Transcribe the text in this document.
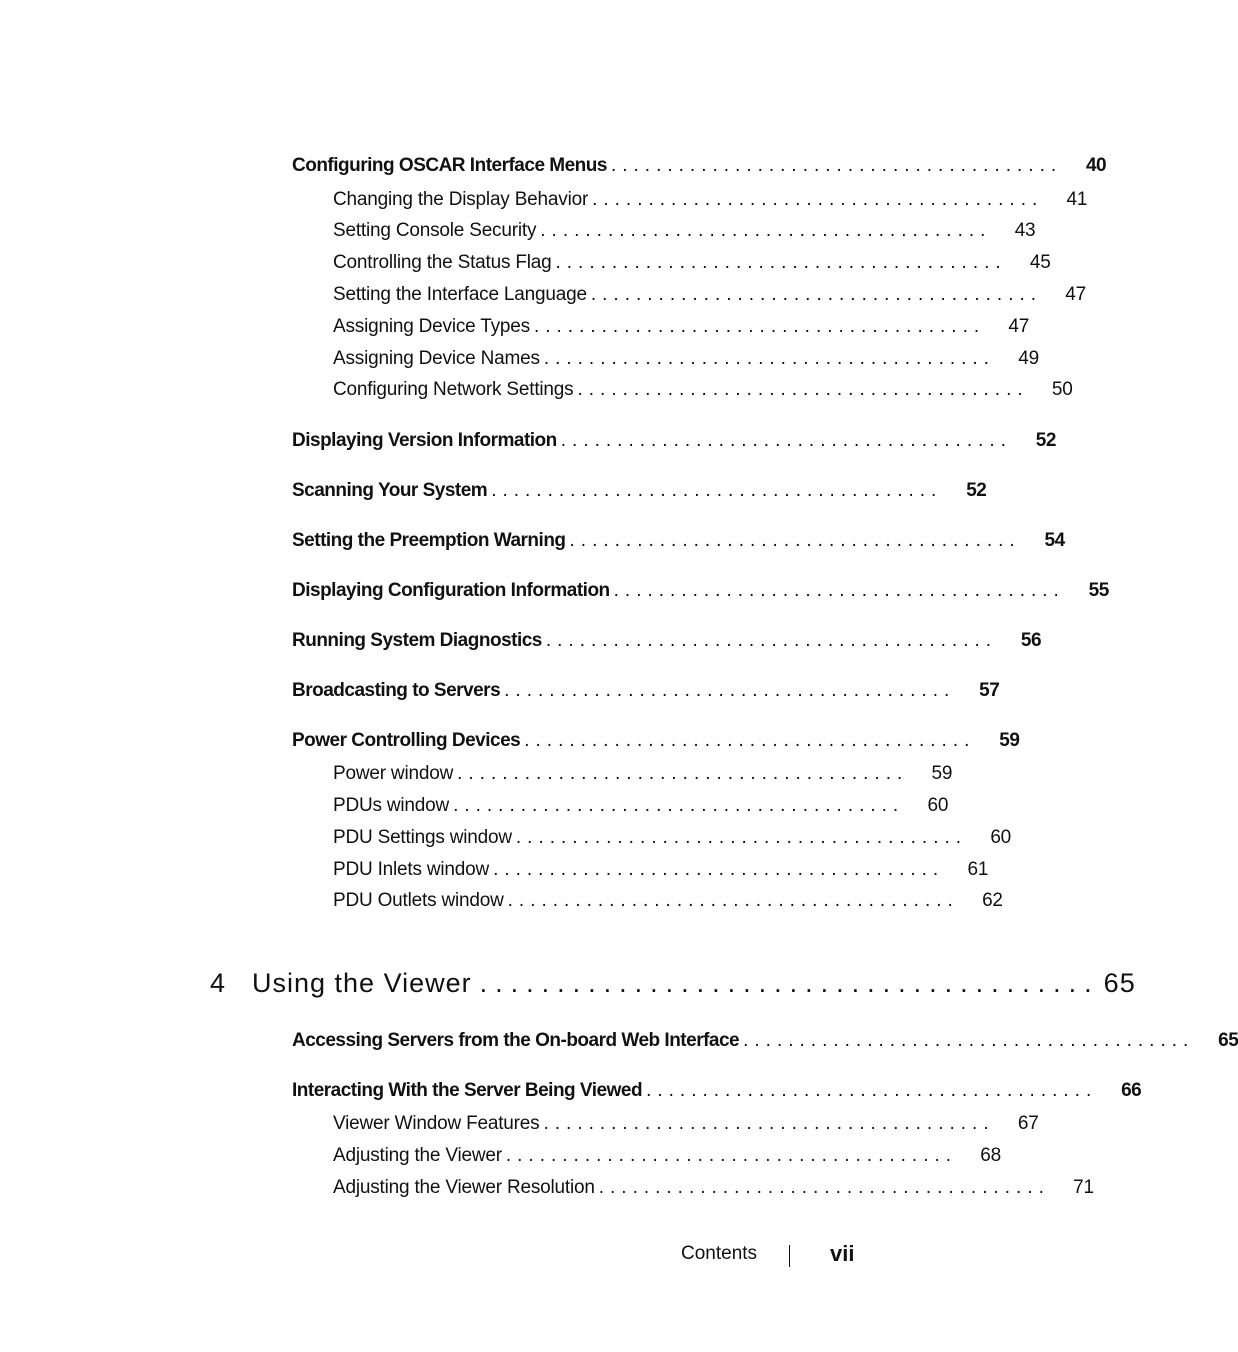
Configuring OSCAR Interface Menus ........................................	40
Changing the Display Behavior ........................................	41
Setting Console Security ........................................	43
Controlling the Status Flag ........................................	45
Setting the Interface Language ........................................	47
Assigning Device Types ........................................	47
Assigning Device Names ........................................	49
Configuring Network Settings ........................................	50
Displaying Version Information ........................................	52
Scanning Your System ........................................	52
Setting the Preemption Warning ........................................	54
Displaying Configuration Information ........................................	55
Running System Diagnostics ........................................	56
Broadcasting to Servers ........................................	57
Power Controlling Devices ........................................	59
Power window ........................................	59
PDUs window ........................................	60
PDU Settings window ........................................	60
PDU Inlets window ........................................	61
PDU Outlets window ........................................	62
4 Using the Viewer ........................................ 65
Accessing Servers from the On-board Web Interface ........................................	65
Interacting With the Server Being Viewed ........................................	66
Viewer Window Features ........................................	67
Adjusting the Viewer ........................................	68
Adjusting the Viewer Resolution ........................................	71
Contents	vii
